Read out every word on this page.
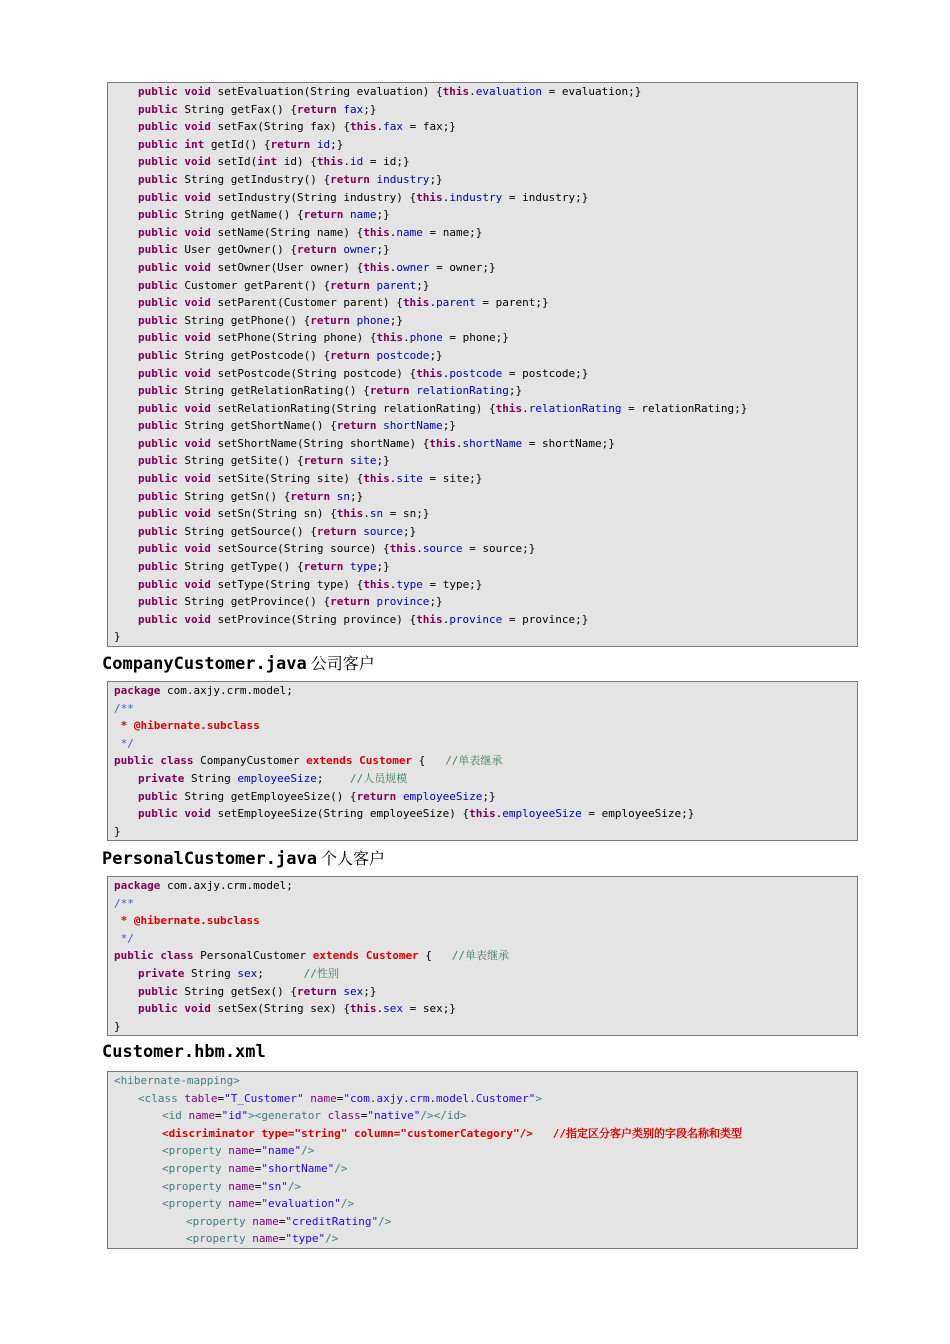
public void setEvaluation(String evaluation) {this.evaluation = evaluation;}
public String getFax() {return fax;}
public void setFax(String fax) {this.fax = fax;}
public int getId() {return id;}
public void setId(int id) {this.id = id;}
public String getIndustry() {return industry;}
public void setIndustry(String industry) {this.industry = industry;}
public String getName() {return name;}
public void setName(String name) {this.name = name;}
public User getOwner() {return owner;}
public void setOwner(User owner) {this.owner = owner;}
public Customer getParent() {return parent;}
public void setParent(Customer parent) {this.parent = parent;}
public String getPhone() {return phone;}
public void setPhone(String phone) {this.phone = phone;}
public String getPostcode() {return postcode;}
public void setPostcode(String postcode) {this.postcode = postcode;}
public String getRelationRating() {return relationRating;}
public void setRelationRating(String relationRating) {this.relationRating = relationRating;}
public String getShortName() {return shortName;}
public void setShortName(String shortName) {this.shortName = shortName;}
public String getSite() {return site;}
public void setSite(String site) {this.site = site;}
public String getSn() {return sn;}
public void setSn(String sn) {this.sn = sn;}
public String getSource() {return source;}
public void setSource(String source) {this.source = source;}
public String getType() {return type;}
public void setType(String type) {this.type = type;}
public String getProvince() {return province;}
public void setProvince(String province) {this.province = province;}
}
CompanyCustomer.java 公司客户
package com.axjy.crm.model;
/**
* @hibernate.subclass
*/
public class CompanyCustomer extends Customer {   //单表继承
private String employeeSize;    //人员规模
public String getEmployeeSize() {return employeeSize;}
public void setEmployeeSize(String employeeSize) {this.employeeSize = employeeSize;}
}
PersonalCustomer.java 个人客户
package com.axjy.crm.model;
/**
* @hibernate.subclass
*/
public class PersonalCustomer extends Customer {   //单表继承
private String sex;      //性别
public String getSex() {return sex;}
public void setSex(String sex) {this.sex = sex;}
}
Customer.hbm.xml
<hibernate-mapping>
<class table="T_Customer" name="com.axjy.crm.model.Customer">
<id name="id"><generator class="native"/></id>
<discriminator type="string" column="customerCategory"/>   //指定区分客户类别的字段名称和类型
<property name="name"/>
<property name="shortName"/>
<property name="sn"/>
<property name="evaluation"/>
<property name="creditRating"/>
<property name="type"/>
